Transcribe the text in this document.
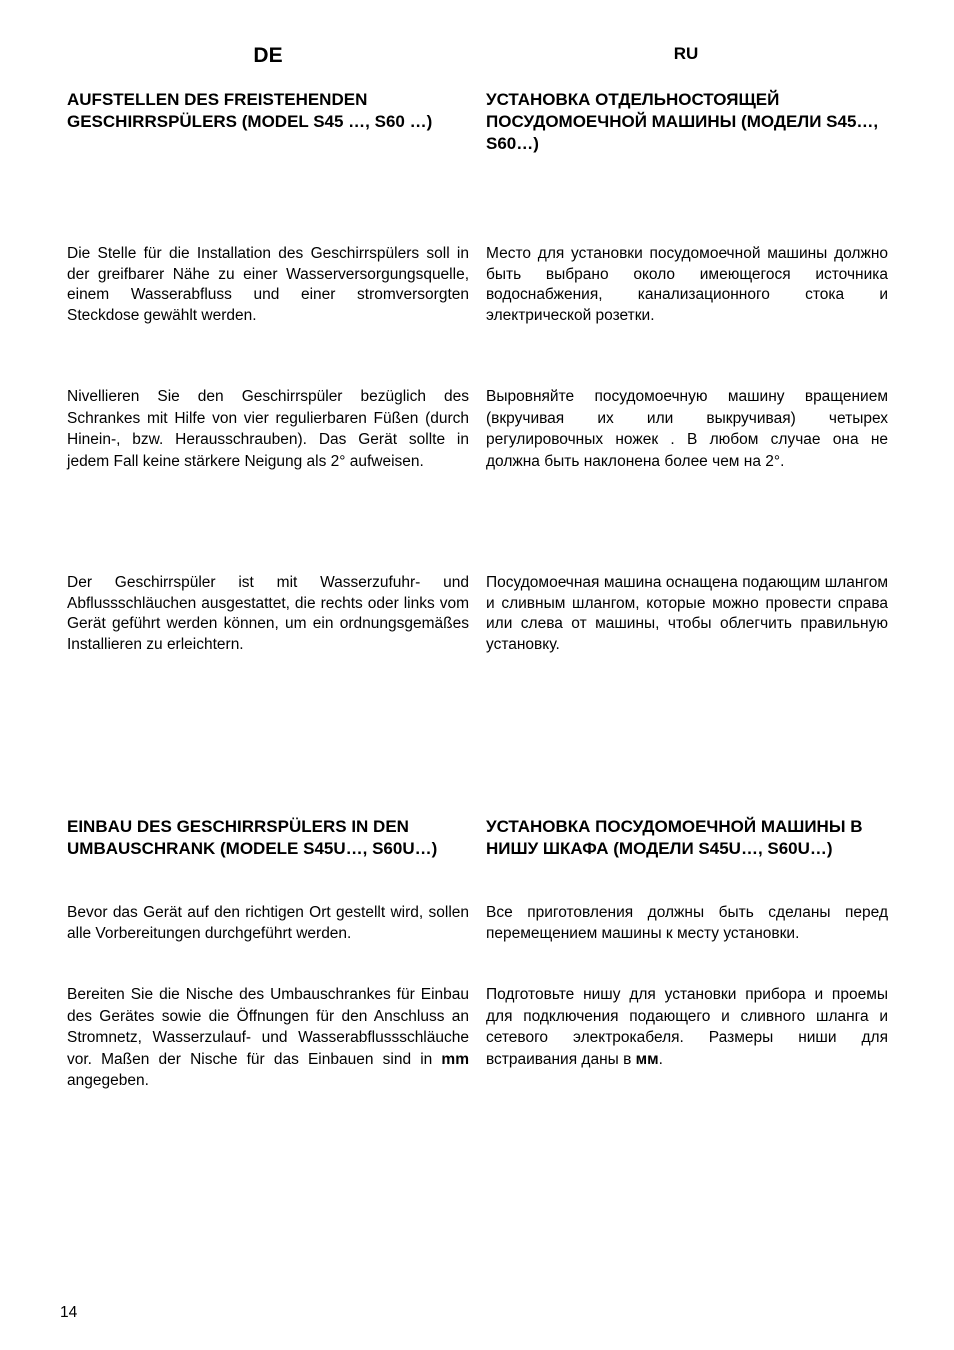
DE	RU
AUFSTELLEN DES FREISTEHENDEN GESCHIRRSPÜLERS (MODEL S45 …, S60 …)
УСТАНОВКА ОТДЕЛЬНОСТОЯЩЕЙ ПОСУДОМОЕЧНОЙ МАШИНЫ (МОДЕЛИ S45…, S60…)
Die Stelle für die Installation des Geschirrspülers soll in der greifbarer Nähe zu einer Wasserversorgungsquelle, einem Wasserabfluss und einer stromversorgten Steckdose gewählt werden.
Место для установки посудомоечной машины должно быть выбрано около имеющегося источника водоснабжения, канализационного стока и электрической розетки.
Nivellieren Sie den Geschirrspüler bezüglich des Schrankes mit Hilfe von vier regulierbaren Füßen (durch Hinein-, bzw. Herausschrauben). Das Gerät sollte in jedem Fall keine stärkere Neigung als 2° aufweisen.
Выровняйте посудомоечную машину вращением (вкручивая их или выкручивая) четырех регулировочных ножек . В любом случае она не должна быть наклонена более чем на 2°.
Der Geschirrspüler ist mit Wasserzufuhr- und Abflussschläuchen ausgestattet, die rechts oder links vom Gerät geführt werden können, um ein ordnungsgemäßes Installieren zu erleichtern.
Посудомоечная машина оснащена подающим шлангом и сливным шлангом, которые можно провести справа или слева от машины, чтобы облегчить правильную установку.
EINBAU DES GESCHIRRSPÜLERS IN DEN UMBAUSCHRANK (MODELE S45U…, S60U…)
УСТАНОВКА ПОСУДОМОЕЧНОЙ МАШИНЫ В НИШУ ШКАФА (МОДЕЛИ S45U…, S60U…)
Bevor das Gerät auf den richtigen Ort gestellt wird, sollen alle Vorbereitungen durchgeführt werden.
Все приготовления должны быть сделаны перед перемещением машины к месту установки.
Bereiten Sie die Nische des Umbauschrankes für Einbau des Gerätes sowie die Öffnungen für den Anschluss an Stromnetz, Wasserzulauf- und Wasserabflussschläuche vor. Maßen der Nische für das Einbauen sind in mm angegeben.
Подготовьте нишу для установки прибора и проемы для подключения подающего и сливного шланга и сетевого электрокабеля. Размеры ниши для встраивания даны в мм.
14
